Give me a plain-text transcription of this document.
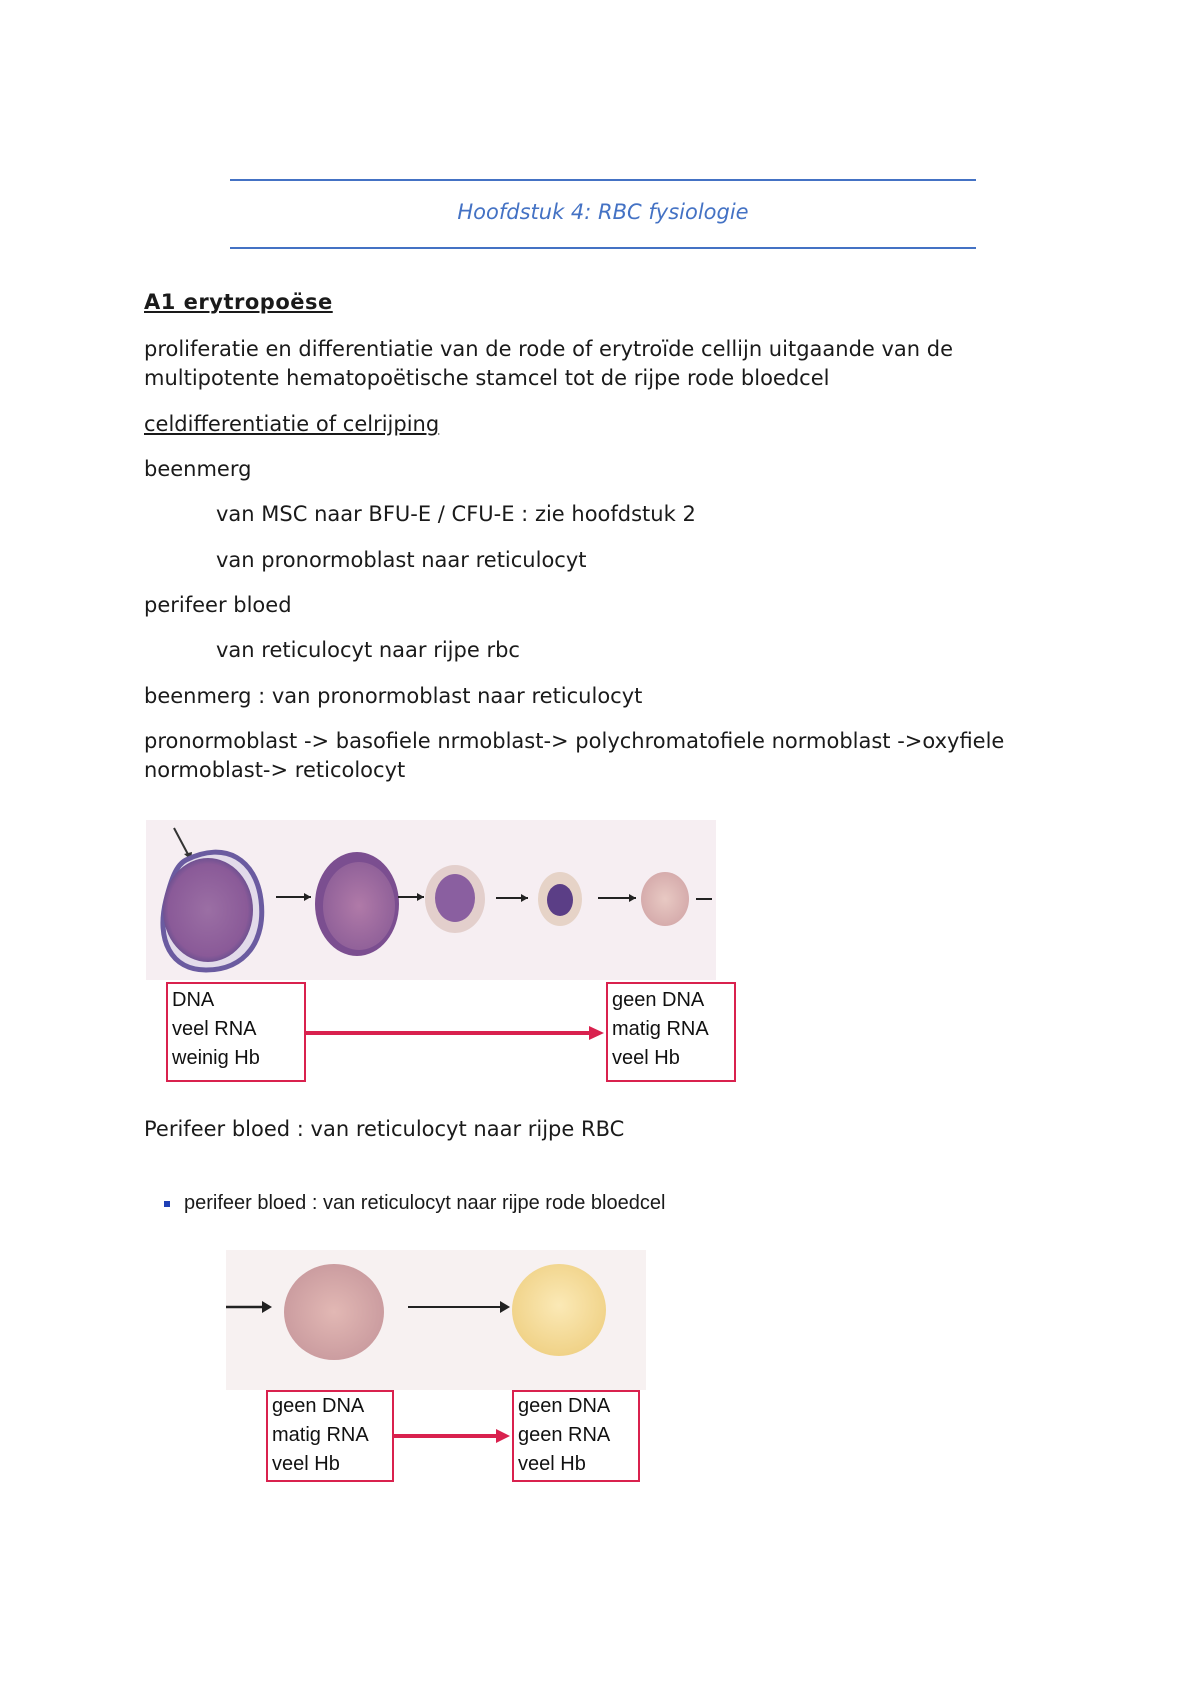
Hoofdstuk 4: RBC fysiologie
A1 erytropoëse
proliferatie en differentiatie van de rode of erytroïde cellijn uitgaande van de
multipotente hematopoëtische stamcel tot de rijpe rode bloedcel
celdifferentiatie of celrijping
beenmerg
van MSC naar BFU-E / CFU-E : zie hoofdstuk 2
van pronormoblast naar reticulocyt
perifeer bloed
van reticulocyt naar rijpe rbc
beenmerg : van pronormoblast naar reticulocyt
pronormoblast -> basofiele nrmoblast-> polychromatofiele normoblast ->oxyfiele
normoblast-> reticolocyt
DNA
veel RNA
weinig Hb
geen DNA
matig RNA
veel Hb
Perifeer bloed : van reticulocyt naar rijpe RBC
perifeer bloed : van reticulocyt naar rijpe rode bloedcel
geen DNA
matig RNA
veel Hb
geen DNA
geen RNA
veel Hb
